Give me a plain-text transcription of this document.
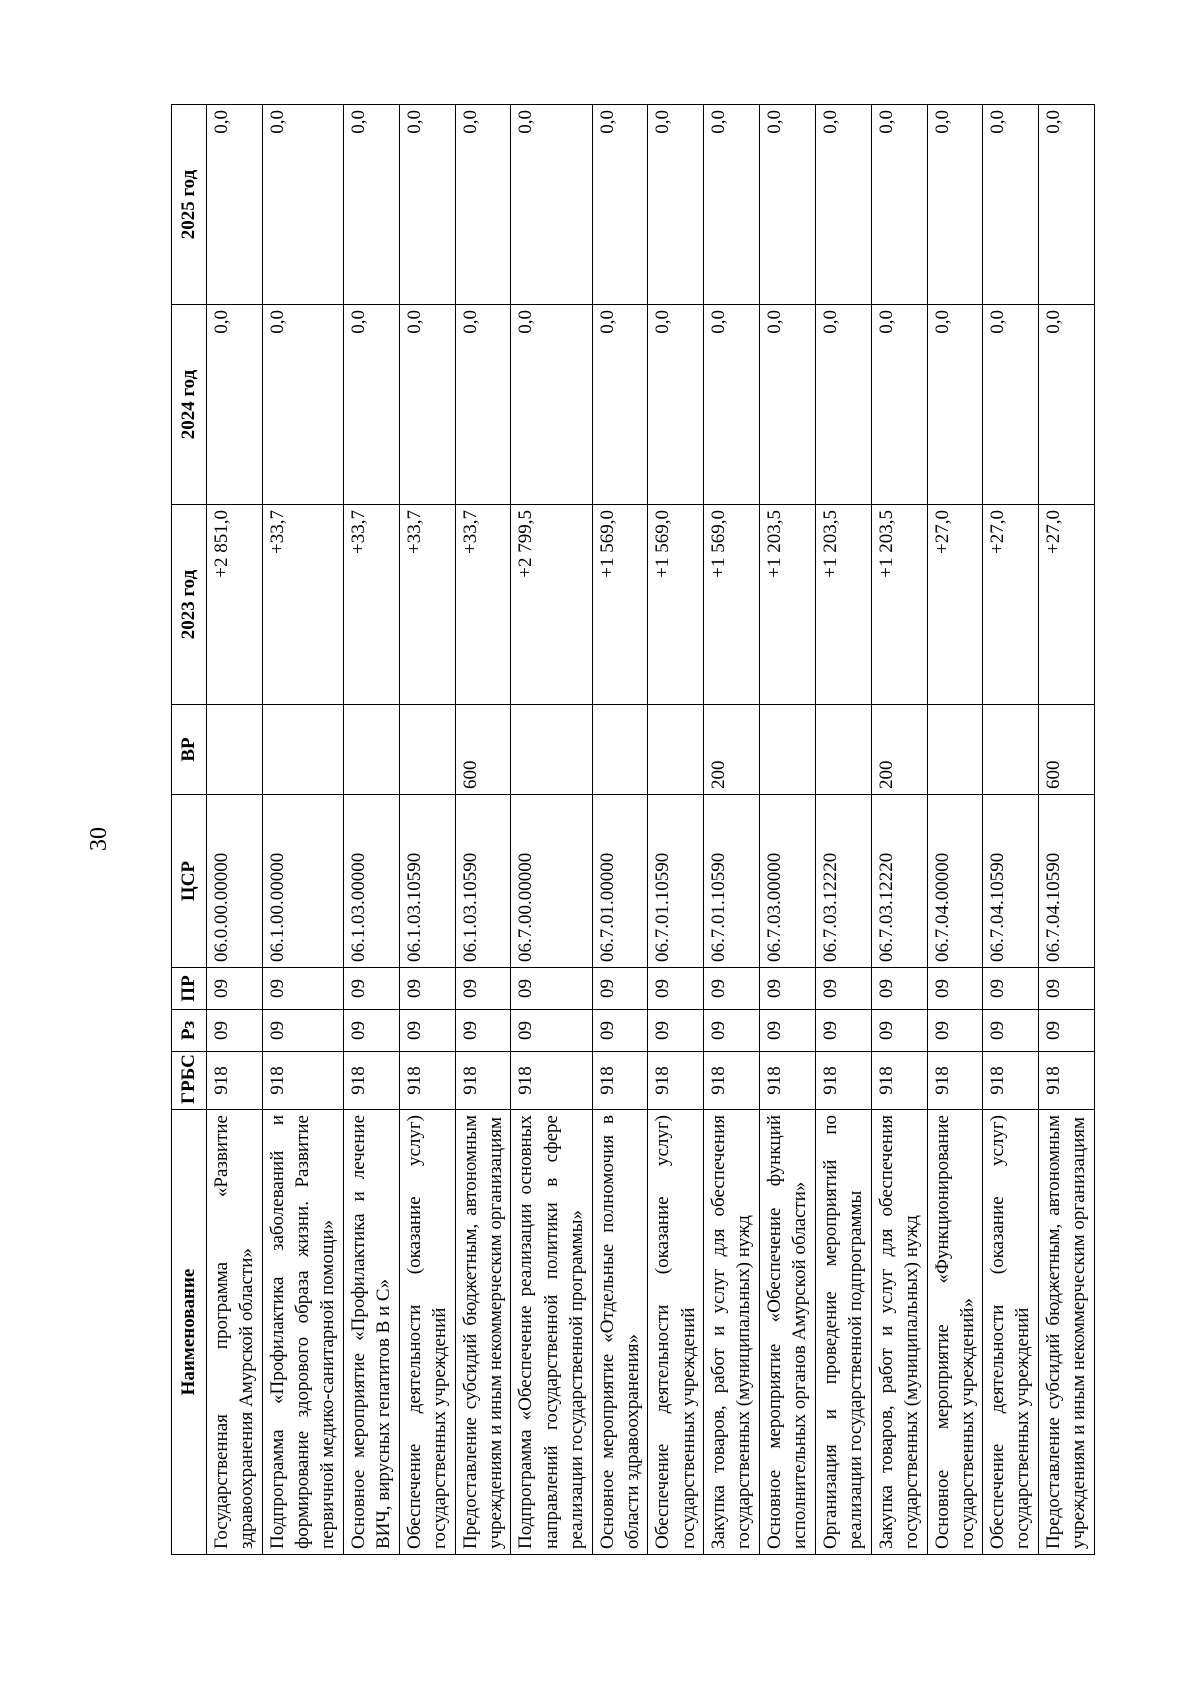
30
Наименование	ГРБС	Рз	ПР	ЦСР	ВР	2023 год	2024 год	2025 год
Государственная программа «Развитие здравоохранения Амурской области»	918	09	09	06.0.00.00000		+2 851,0	0,0	0,0
Подпрограмма «Профилактика заболеваний и формирование здорового образа жизни. Развитие первичной медико-санитарной помощи»	918	09	09	06.1.00.00000		+33,7	0,0	0,0
Основное мероприятие «Профилактика и лечение ВИЧ, вирусных гепатитов В и С»	918	09	09	06.1.03.00000		+33,7	0,0	0,0
Обеспечение деятельности (оказание услуг) государственных учреждений	918	09	09	06.1.03.10590		+33,7	0,0	0,0
Предоставление субсидий бюджетным, автономным учреждениям и иным некоммерческим организациям	918	09	09	06.1.03.10590	600	+33,7	0,0	0,0
Подпрограмма «Обеспечение реализации основных направлений государственной политики в сфере реализации государственной программы»	918	09	09	06.7.00.00000		+2 799,5	0,0	0,0
Основное мероприятие «Отдельные полномочия в области здравоохранения»	918	09	09	06.7.01.00000		+1 569,0	0,0	0,0
Обеспечение деятельности (оказание услуг) государственных учреждений	918	09	09	06.7.01.10590		+1 569,0	0,0	0,0
Закупка товаров, работ и услуг для обеспечения государственных (муниципальных) нужд	918	09	09	06.7.01.10590	200	+1 569,0	0,0	0,0
Основное мероприятие «Обеспечение функций исполнительных органов Амурской области»	918	09	09	06.7.03.00000		+1 203,5	0,0	0,0
Организация и проведение мероприятий по реализации государственной подпрограммы	918	09	09	06.7.03.12220		+1 203,5	0,0	0,0
Закупка товаров, работ и услуг для обеспечения государственных (муниципальных) нужд	918	09	09	06.7.03.12220	200	+1 203,5	0,0	0,0
Основное мероприятие «Функционирование государственных учреждений»	918	09	09	06.7.04.00000		+27,0	0,0	0,0
Обеспечение деятельности (оказание услуг) государственных учреждений	918	09	09	06.7.04.10590		+27,0	0,0	0,0
Предоставление субсидий бюджетным, автономным учреждениям и иным некоммерческим организациям	918	09	09	06.7.04.10590	600	+27,0	0,0	0,0
